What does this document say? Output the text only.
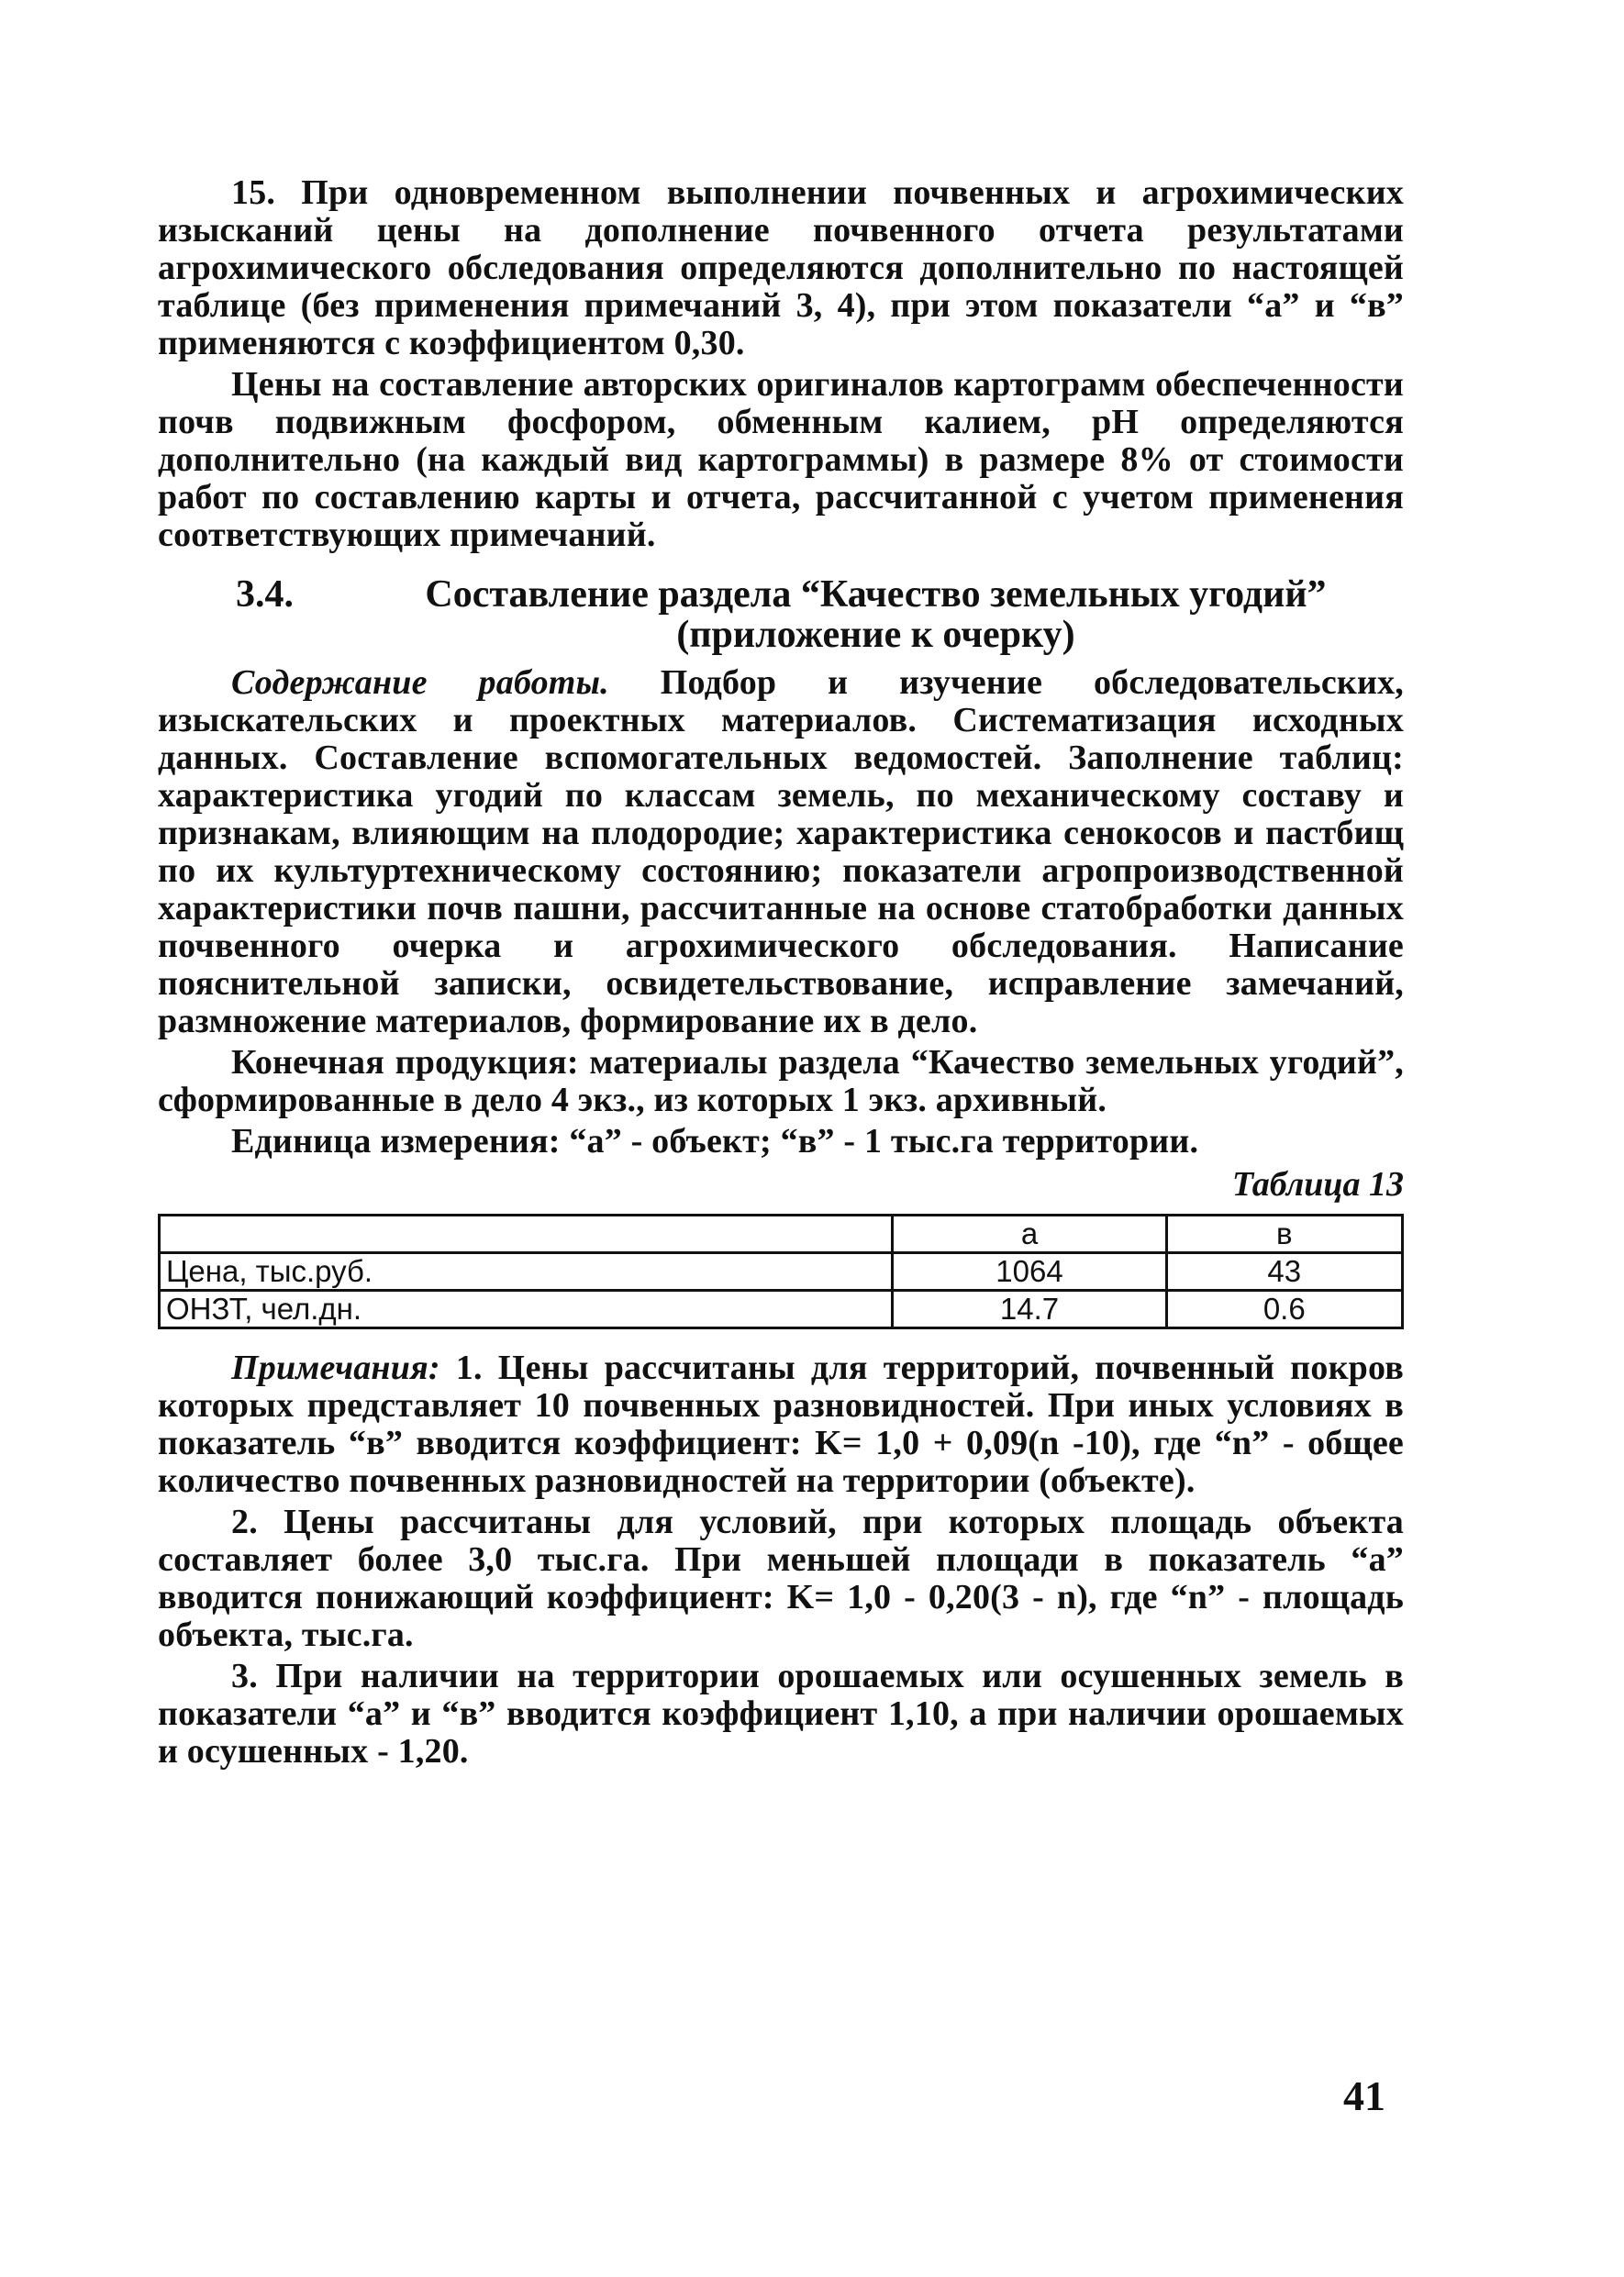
15. При одновременном выполнении почвенных и агрохимических изысканий цены на дополнение почвенного отчета результатами агрохимического обследования определяются дополнительно по настоящей таблице (без применения примечаний 3, 4), при этом показатели “а” и “в” применяются с коэффициентом 0,30.

Цены на составление авторских оригиналов картограмм обеспеченности почв подвижным фосфором, обменным калием, pH определяются дополнительно (на каждый вид картограммы) в размере 8% от стоимости работ по составлению карты и отчета, рассчитанной с учетом применения соответствующих примечаний.

3.4.	Составление раздела “Качество земельных угодий” (приложение к очерку)

Содержание работы. Подбор и изучение обследовательских, изыскательских и проектных материалов. Систематизация исходных данных. Составление вспомогательных ведомостей. Заполнение таблиц: характеристика угодий по классам земель, по механическому составу и признакам, влияющим на плодородие; характеристика сенокосов и пастбищ по их культуртехническому состоянию; показатели агропроизводственной характеристики почв пашни, рассчитанные на основе статобработки данных почвенного очерка и агрохимического обследования. Написание пояснительной записки, освидетельствование, исправление замечаний, размножение материалов, формирование их в дело.

Конечная продукция: материалы раздела “Качество земельных угодий”, сформированные в дело 4 экз., из которых 1 экз. архивный.

Единица измерения: “а” - объект; “в” - 1 тыс.га территории.

Таблица 13
	а	в
Цена, тыс.руб.	1064	43
ОНЗТ, чел.дн.	14.7	0.6

Примечания: 1. Цены рассчитаны для территорий, почвенный покров которых представляет 10 почвенных разновидностей. При иных условиях в показатель “в” вводится коэффициент: K= 1,0 + 0,09(n -10), где “n” - общее количество почвенных разновидностей на территории (объекте).

2. Цены рассчитаны для условий, при которых площадь объекта составляет более 3,0 тыс.га. При меньшей площади в показатель “а” вводится понижающий коэффициент: K= 1,0 - 0,20(3 - n), где “n” - площадь объекта, тыс.га.

3. При наличии на территории орошаемых или осушенных земель в показатели “а” и “в” вводится коэффициент 1,10, а при наличии орошаемых и осушенных - 1,20.

41
